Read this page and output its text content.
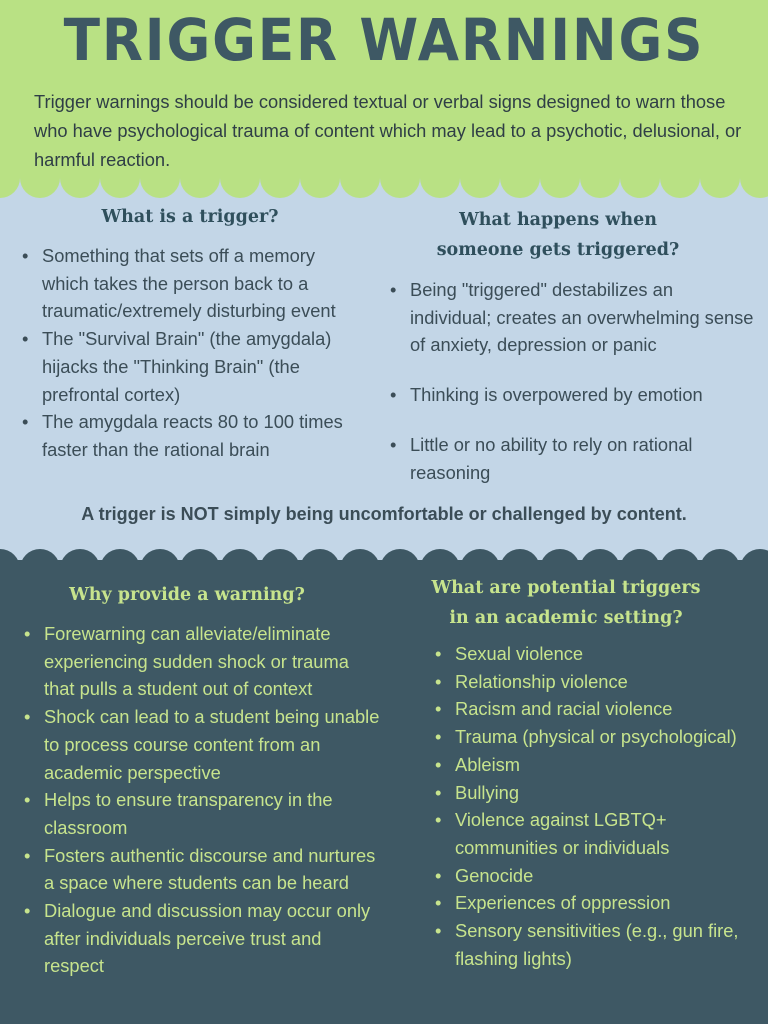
TRIGGER WARNINGS

Trigger warnings should be considered textual or verbal signs designed to warn those who have psychological trauma of content which may lead to a psychotic, delusional, or harmful reaction.

What is a trigger?
• Something that sets off a memory which takes the person back to a traumatic/extremely disturbing event
• The "Survival Brain" (the amygdala) hijacks the "Thinking Brain" (the prefrontal cortex)
• The amygdala reacts 80 to 100 times faster than the rational brain
What happens when
someone gets triggered?
• Being "triggered" destabilizes an individual; creates an overwhelming sense of anxiety, depression or panic
• Thinking is overpowered by emotion
• Little or no ability to rely on rational reasoning

A trigger is NOT simply being uncomfortable or challenged by content.

Why provide a warning?
• Forewarning can alleviate/eliminate experiencing sudden shock or trauma that pulls a student out of context
• Shock can lead to a student being unable to process course content from an academic perspective
• Helps to ensure transparency in the classroom
• Fosters authentic discourse and nurtures a space where students can be heard
• Dialogue and discussion may occur only after individuals perceive trust and respect
What are potential triggers
in an academic setting?
• Sexual violence
• Relationship violence
• Racism and racial violence
• Trauma (physical or psychological)
• Ableism
• Bullying
• Violence against LGBTQ+ communities or individuals
• Genocide
• Experiences of oppression
• Sensory sensitivities (e.g., gun fire, flashing lights)
